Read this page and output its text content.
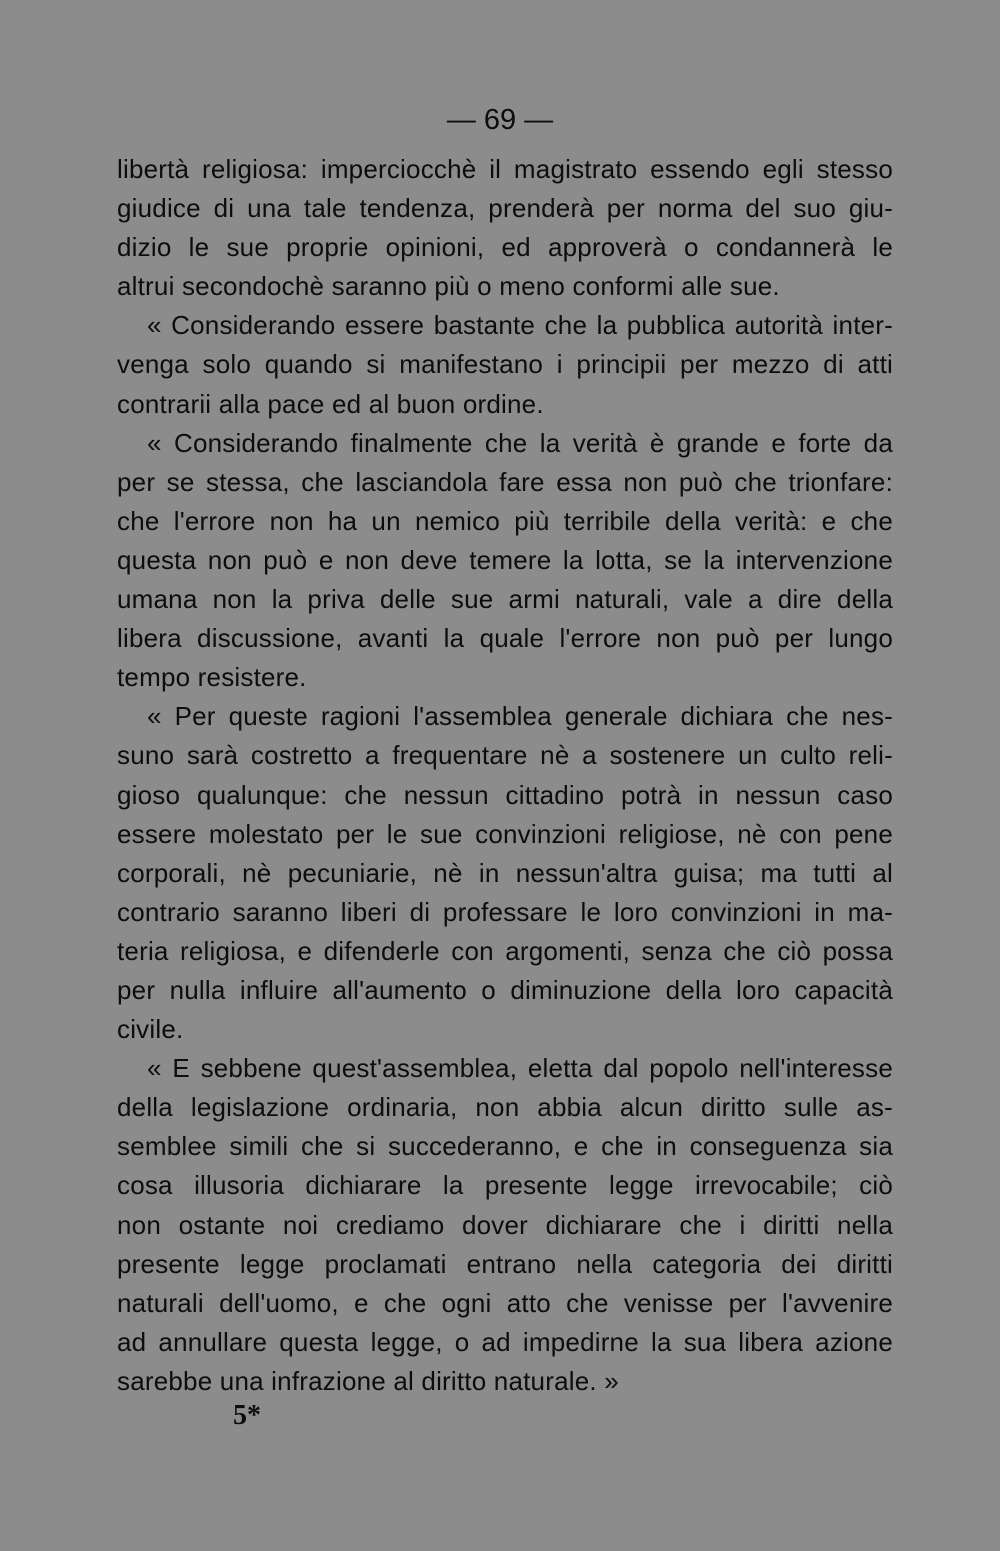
— 69 —
libertà religiosa: imperciocchè il magistrato essendo egli stesso
giudice di una tale tendenza, prenderà per norma del suo giu-
dizio le sue proprie opinioni, ed approverà o condannerà le
altrui secondochè saranno più o meno conformi alle sue.
« Considerando essere bastante che la pubblica autorità inter-
venga solo quando si manifestano i principii per mezzo di atti
contrarii alla pace ed al buon ordine.
« Considerando finalmente che la verità è grande e forte da
per se stessa, che lasciandola fare essa non può che trionfare:
che l'errore non ha un nemico più terribile della verità: e che
questa non può e non deve temere la lotta, se la intervenzione
umana non la priva delle sue armi naturali, vale a dire della
libera discussione, avanti la quale l'errore non può per lungo
tempo resistere.
« Per queste ragioni l'assemblea generale dichiara che nes-
suno sarà costretto a frequentare nè a sostenere un culto reli-
gioso qualunque: che nessun cittadino potrà in nessun caso
essere molestato per le sue convinzioni religiose, nè con pene
corporali, nè pecuniarie, nè in nessun'altra guisa; ma tutti al
contrario saranno liberi di professare le loro convinzioni in ma-
teria religiosa, e difenderle con argomenti, senza che ciò possa
per nulla influire all'aumento o diminuzione della loro capacità
civile.
« E sebbene quest'assemblea, eletta dal popolo nell'interesse
della legislazione ordinaria, non abbia alcun diritto sulle as-
semblee simili che si succederanno, e che in conseguenza sia
cosa illusoria dichiarare la presente legge irrevocabile; ciò
non ostante noi crediamo dover dichiarare che i diritti nella
presente legge proclamati entrano nella categoria dei diritti
naturali dell'uomo, e che ogni atto che venisse per l'avvenire
ad annullare questa legge, o ad impedirne la sua libera azione
sarebbe una infrazione al diritto naturale. »
5*
